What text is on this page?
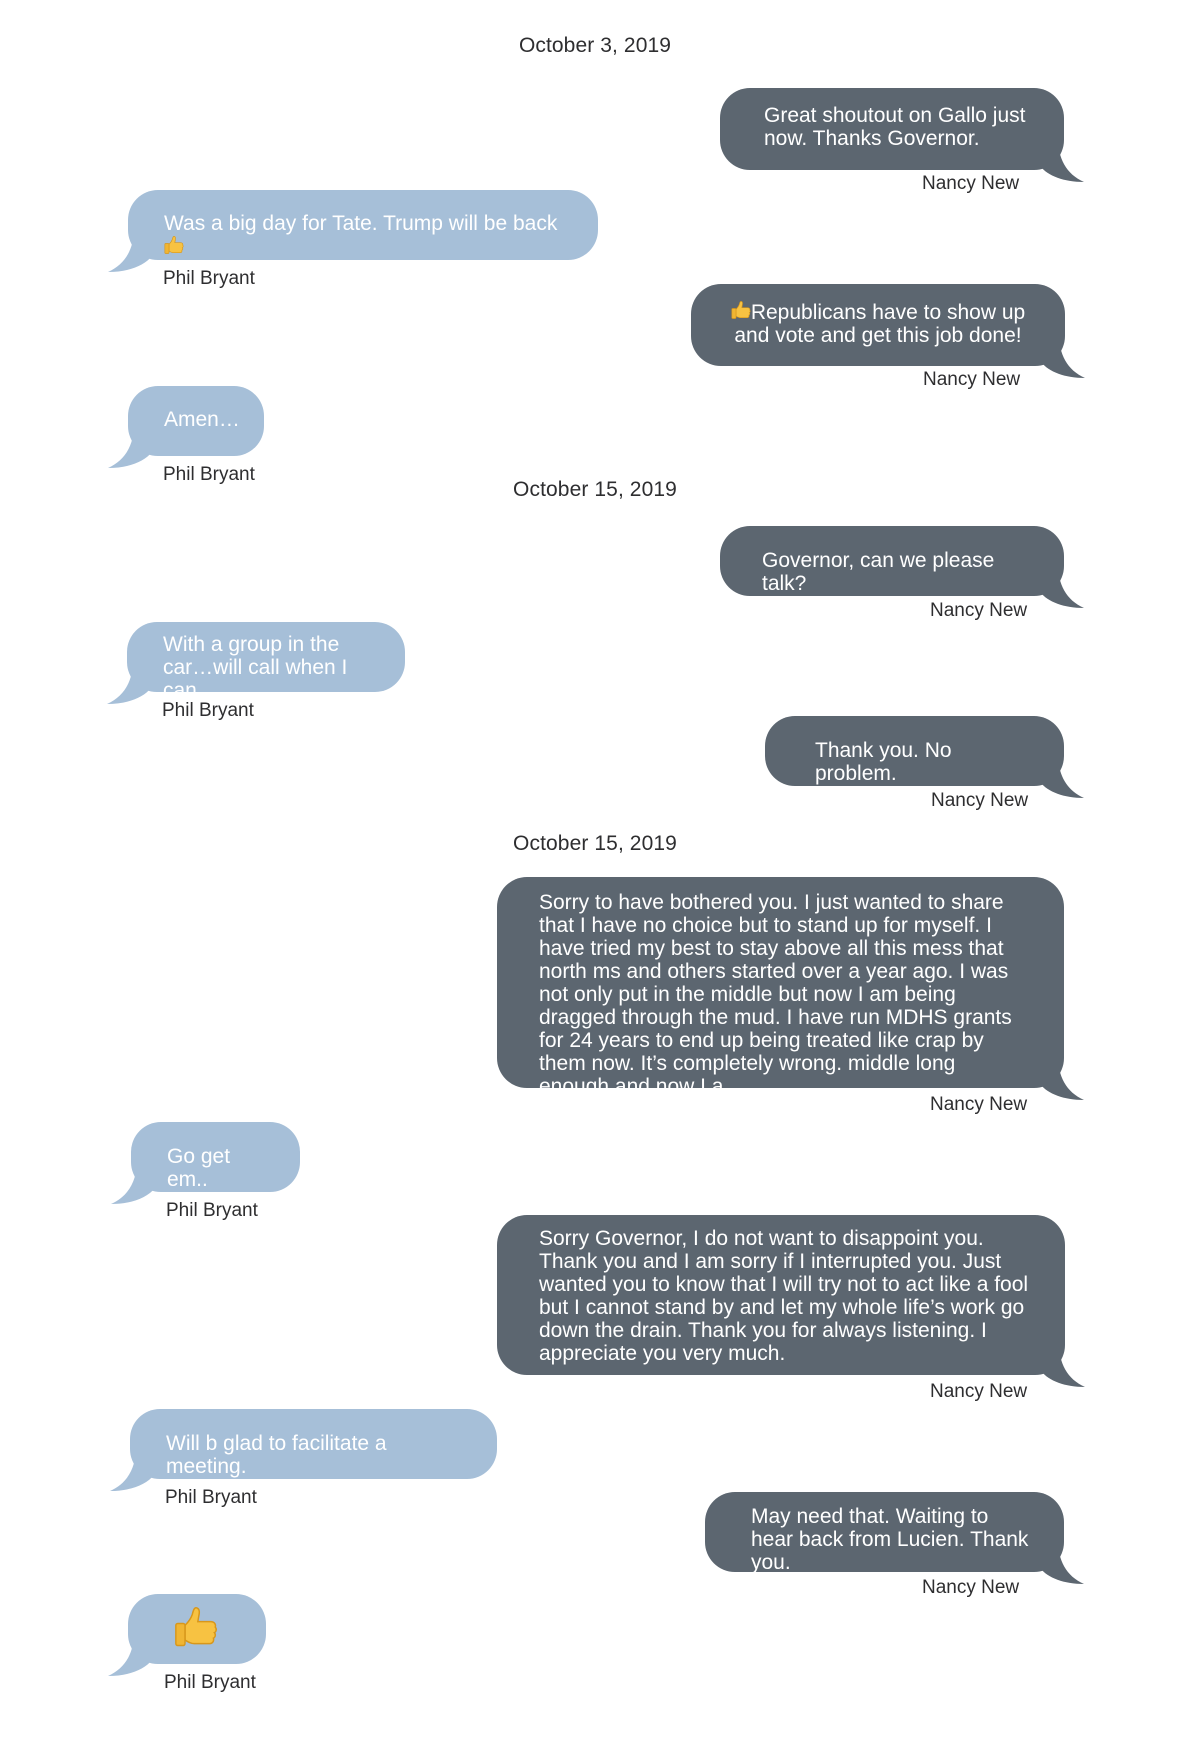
October 3, 2019
Great shoutout on Gallo just now. Thanks Governor.
Nancy New
Was a big day for Tate. Trump will be back
Phil Bryant
Republicans have to show up and vote and get this job done!
Nancy New
Amen…
Phil Bryant
October 15, 2019
Governor, can we please talk?
Nancy New
With a group in the car…will call when I can.
Phil Bryant
Thank you. No problem.
Nancy New
October 15, 2019
Sorry to have bothered you. I just wanted to share that I have no choice but to stand up for myself. I have tried my best to stay above all this mess that north ms and others started over a year ago. I was not only put in the middle but now I am being dragged through the mud. I have run MDHS grants for 24 years to end up being treated like crap by them now. It’s completely wrong. middle long enough and now I a
Nancy New
Go get em..
Phil Bryant
Sorry Governor, I do not want to disappoint you. Thank you and I am sorry if I interrupted you. Just wanted you to know that I will try not to act like a fool but I cannot stand by and let my whole life’s work go down the drain. Thank you for always listening. I appreciate you very much.
Nancy New
Will b glad to facilitate a meeting.
Phil Bryant
May need that. Waiting to hear back from Lucien. Thank you.
Nancy New
Phil Bryant
